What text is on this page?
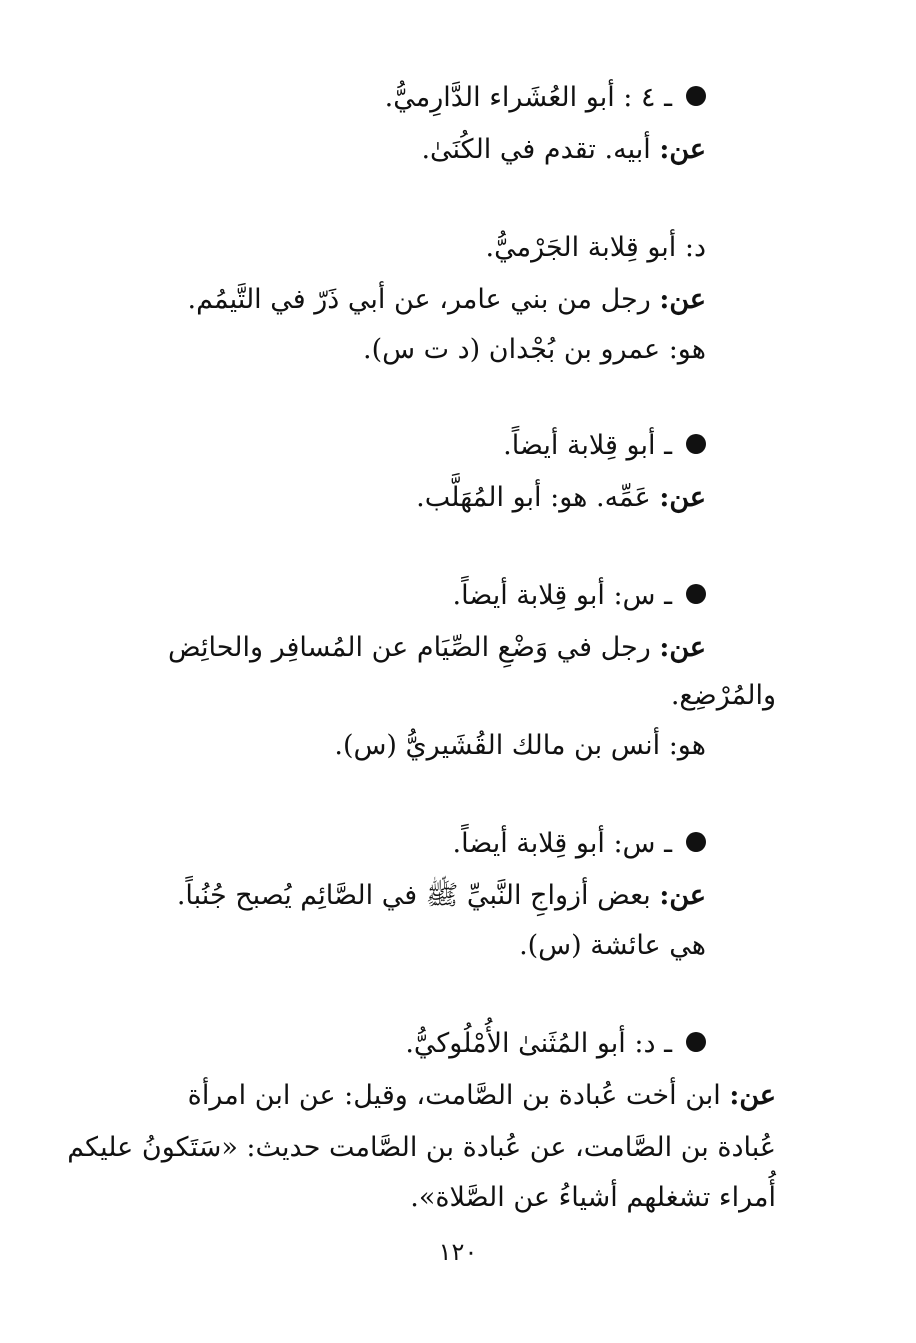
ـ ٤ : أبو العُشَراء الدَّارِميُّ.
عن: أبيه. تقدم في الكُنَىٰ.
د: أبو قِلابة الجَرْميُّ.
عن: رجل من بني عامر، عن أبي ذَرّ في التَّيمُم.
هو: عمرو بن بُجْدان (د ت س).
ـ أبو قِلابة أيضاً.
عن: عَمِّه. هو: أبو المُهَلَّب.
ـ س: أبو قِلابة أيضاً.
عن: رجل في وَضْعِ الصِّيَام عن المُسافِر والحائِض
والمُرْضِع.
هو: أنس بن مالك القُشَيريُّ (س).
ـ س: أبو قِلابة أيضاً.
عن: بعض أزواجِ النَّبيِّ ﷺ في الصَّائِم يُصبح جُنُباً.
هي عائشة (س).
ـ د: أبو المُثَنىٰ الأُمْلُوكيُّ.
عن: ابن أخت عُبادة بن الصَّامت، وقيل: عن ابن امرأة
عُبادة بن الصَّامت، عن عُبادة بن الصَّامت حديث: «سَتَكونُ عليكم
أُمراء تشغلهم أشياءُ عن الصَّلاة».
١٢٠
